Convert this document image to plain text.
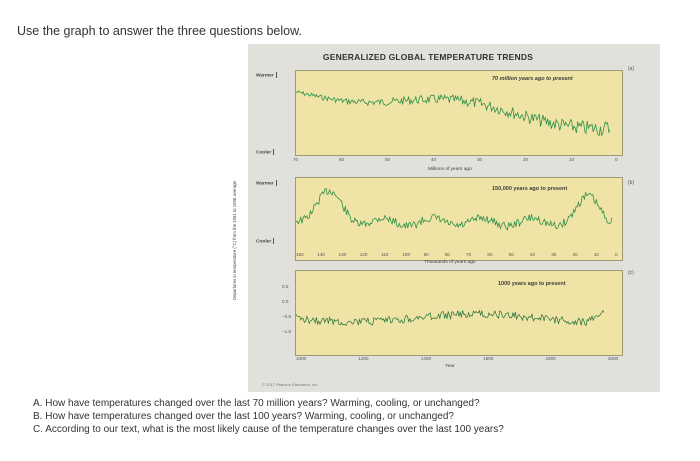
Use the graph to answer the three questions below.
GENERALIZED GLOBAL TEMPERATURE TRENDS
70 million years ago to present
Warmer
Cooler
(a)
70	60	50	40	30	20	10	0
Millions of years ago
150,000 years ago to present
Warmer
Cooler
(b)
150	140	130	120	110	100	90	80	70	60	50	40	30	20	10	0
Thousands of years ago
1000 years ago to present
Departures in temperature (°C) from the 1961 to 1990 average	(c)
0.5
0.0
−0.5
−1.0
1000	1200	1400	1600	1800	2000
Year
© 2017 Pearson Education, Inc.
A. How have temperatures changed over the last 70 million years? Warming, cooling, or unchanged?
B. How have temperatures changed over the last 100 years? Warming, cooling, or unchanged?
C. According to our text, what is the most likely cause of the temperature changes over the last 100 years?
